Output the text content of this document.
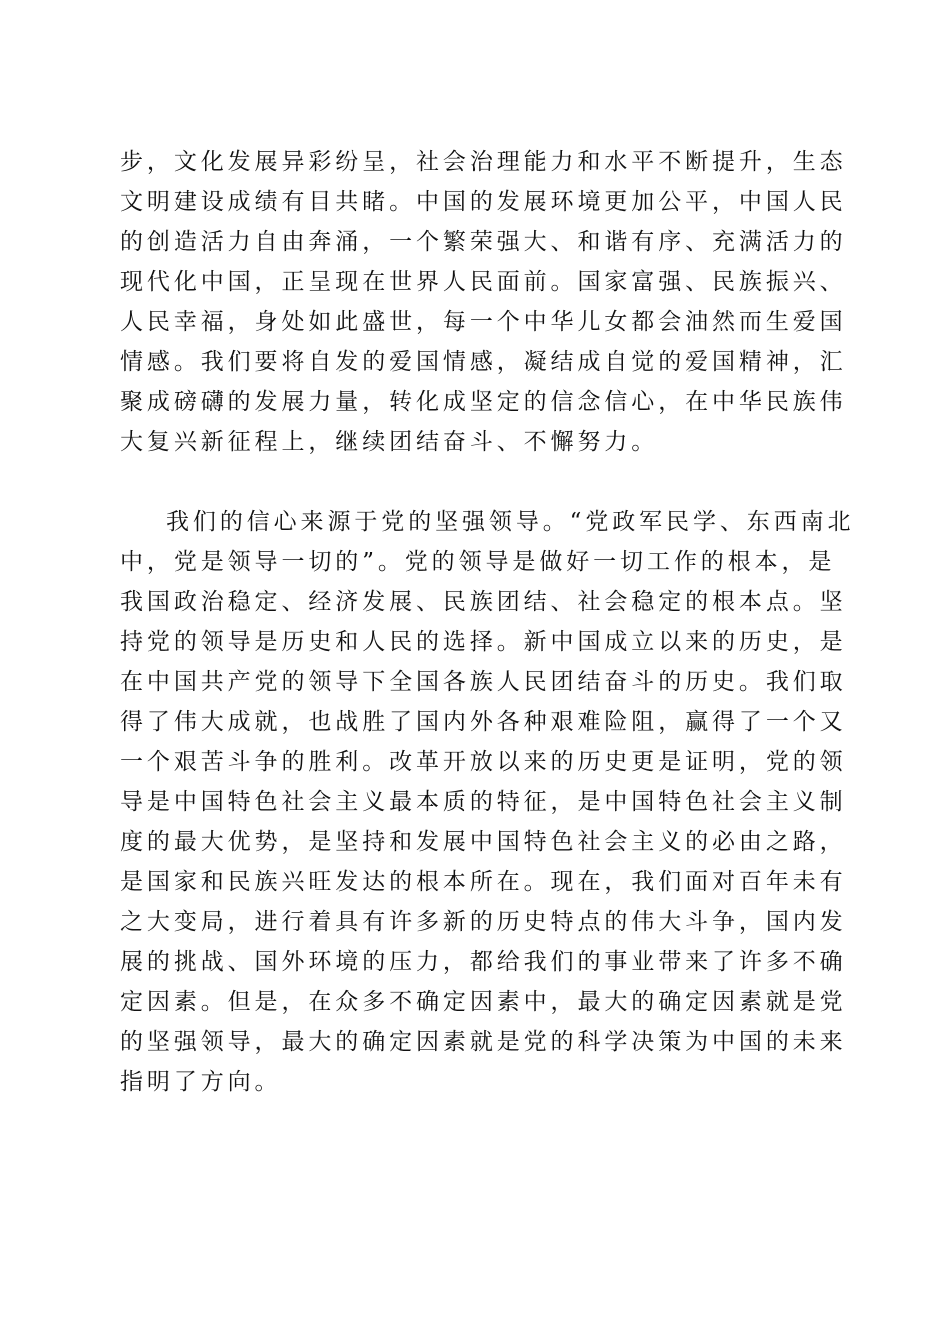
步，文化发展异彩纷呈，社会治理能力和水平不断提升，生态
文明建设成绩有目共睹。中国的发展环境更加公平，中国人民
的创造活力自由奔涌，一个繁荣强大、和谐有序、充满活力的
现代化中国，正呈现在世界人民面前。国家富强、民族振兴、
人民幸福，身处如此盛世，每一个中华儿女都会油然而生爱国
情感。我们要将自发的爱国情感，凝结成自觉的爱国精神，汇
聚成磅礴的发展力量，转化成坚定的信念信心，在中华民族伟
大复兴新征程上，继续团结奋斗、不懈努力。
我们的信心来源于党的坚强领导。“党政军民学、东西南北
中，党是领导一切的”。党的领导是做好一切工作的根本，是
我国政治稳定、经济发展、民族团结、社会稳定的根本点。坚
持党的领导是历史和人民的选择。新中国成立以来的历史，是
在中国共产党的领导下全国各族人民团结奋斗的历史。我们取
得了伟大成就，也战胜了国内外各种艰难险阻，赢得了一个又
一个艰苦斗争的胜利。改革开放以来的历史更是证明，党的领
导是中国特色社会主义最本质的特征，是中国特色社会主义制
度的最大优势，是坚持和发展中国特色社会主义的必由之路，
是国家和民族兴旺发达的根本所在。现在，我们面对百年未有
之大变局，进行着具有许多新的历史特点的伟大斗争，国内发
展的挑战、国外环境的压力，都给我们的事业带来了许多不确
定因素。但是，在众多不确定因素中，最大的确定因素就是党
的坚强领导，最大的确定因素就是党的科学决策为中国的未来
指明了方向。
